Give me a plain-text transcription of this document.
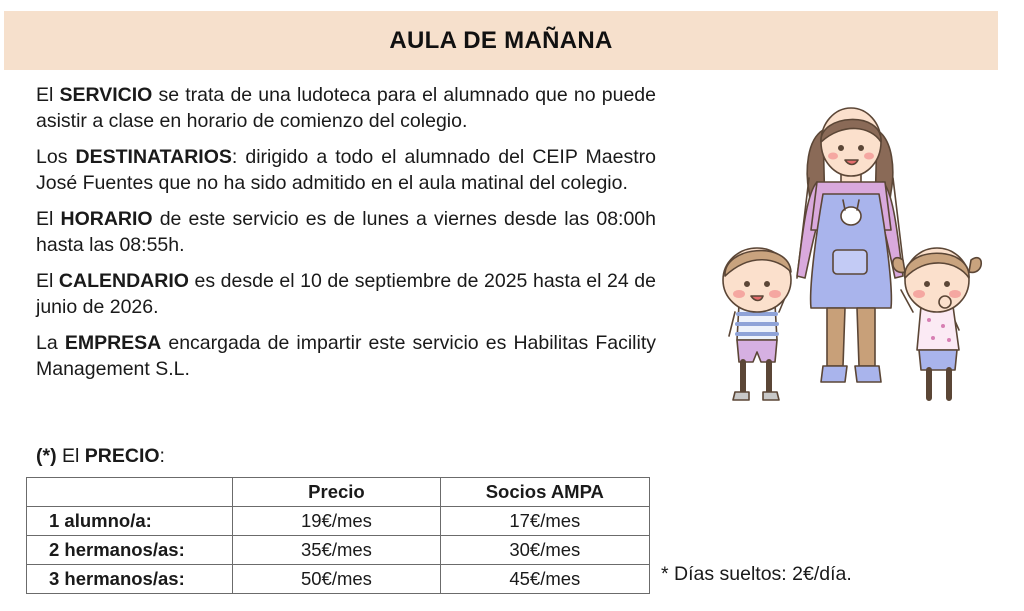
AULA DE MAÑANA

El SERVICIO se trata de una ludoteca para el alumnado que no puede asistir a clase en horario de comienzo del colegio.

Los DESTINATARIOS: dirigido a todo el alumnado del CEIP Maestro José Fuentes que no ha sido admitido en el aula matinal del colegio.

El HORARIO de este servicio es de lunes a viernes desde las 08:00h hasta las 08:55h.

El CALENDARIO es desde el 10 de septiembre de 2025 hasta el 24 de junio de 2026.

La EMPRESA encargada de impartir este servicio es Habilitas Facility Management S.L.

(*) El PRECIO:
	Precio	Socios AMPA
1 alumno/a:	19€/mes	17€/mes
2 hermanos/as:	35€/mes	30€/mes
3 hermanos/as:	50€/mes	45€/mes	* Días sueltos: 2€/día.
